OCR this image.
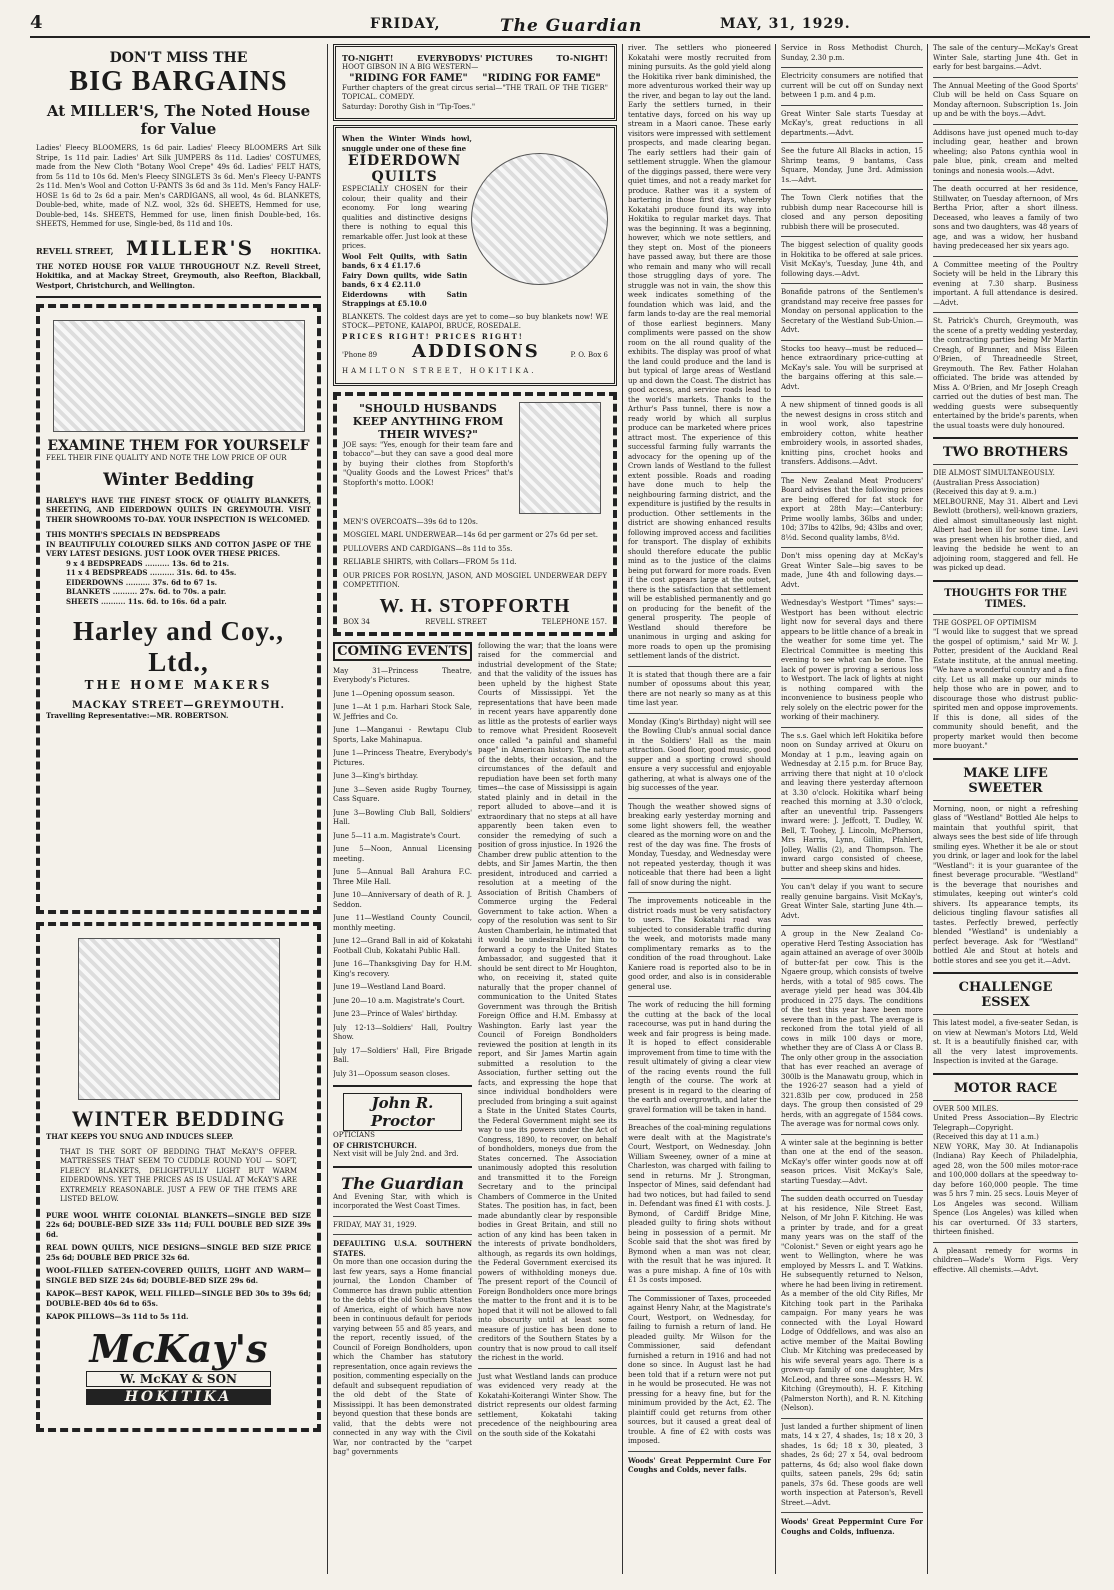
4	FRIDAY,	The Guardian	MAY, 31, 1929.
DON'T MISS THE
BIG BARGAINS
At MILLER'S, The Noted House for Value
Ladies' Fleecy BLOOMERS, 1s 6d pair. Ladies' Fleecy BLOOMERS Art Silk Stripe, 1s 11d pair. Ladies' Art Silk JUMPERS 8s 11d. Ladies' COSTUMES, made from the New Cloth "Botany Wool Crepe" 49s 6d. Ladies' FELT HATS, from 5s 11d to 10s 6d. Men's Fleecy SINGLETS 3s 6d. Men's Fleecy U-PANTS 2s 11d. Men's Wool and Cotton U-PANTS 3s 6d and 3s 11d. Men's Fancy HALF-HOSE 1s 6d to 2s 6d a pair. Men's CARDIGANS, all wool, 4s 6d. BLANKETS, Double-bed, white, made of N.Z. wool, 32s 6d. SHEETS, Hemmed for use, Double-bed, 14s. SHEETS, Hemmed for use, linen finish Double-bed, 16s. SHEETS, Hemmed for use, Single-bed, 8s 11d and 10s.
REVELL STREET, MILLER'S HOKITIKA.
THE NOTED HOUSE FOR VALUE THROUGHOUT N.Z. Revell Street, Hokitika, and at Mackay Street, Greymouth, also Reefton, Blackball, Westport, Christchurch, and Wellington.
EXAMINE THEM FOR YOURSELF
FEEL THEIR FINE QUALITY AND NOTE THE LOW PRICE OF OUR
Winter Bedding
HARLEY'S HAVE THE FINEST STOCK OF QUALITY BLANKETS, SHEETING, AND EIDERDOWN QUILTS IN GREYMOUTH. VISIT THEIR SHOWROOMS TO-DAY. YOUR INSPECTION IS WELCOMED.
THIS MONTH'S SPECIALS IN BEDSPREADS
IN BEAUTIFULLY COLOURED SILKS AND COTTON JASPE OF THE VERY LATEST DESIGNS. JUST LOOK OVER THESE PRICES.
9 x 4 BEDSPREADS .......... 13s. 6d to 21s.
11 x 4 BEDSPREADS .......... 31s. 6d. to 45s.
EIDERDOWNS .......... 37s. 6d to 67 1s.
BLANKETS .......... 27s. 6d. to 70s. a pair.
SHEETS .......... 11s. 6d. to 16s. 6d a pair.
Harley and Coy., Ltd.,
THE HOME MAKERS
MACKAY STREET—GREYMOUTH.
Travelling Representative:—MR. ROBERTSON.
WINTER BEDDING
THAT KEEPS YOU SNUG AND INDUCES SLEEP.
THAT IS THE SORT OF BEDDING THAT McKAY'S OFFER. MATTRESSES THAT SEEM TO CUDDLE ROUND YOU — SOFT, FLEECY BLANKETS, DELIGHTFULLY LIGHT BUT WARM EIDERDOWNS. YET THE PRICES AS IS USUAL AT McKAY'S ARE EXTREMELY REASONABLE. JUST A FEW OF THE ITEMS ARE LISTED BELOW.

PURE WOOL WHITE COLONIAL BLANKETS—SINGLE BED SIZE 22s 6d; DOUBLE-BED SIZE 33s 11d; FULL DOUBLE BED SIZE 39s 6d.

REAL DOWN QUILTS, NICE DESIGNS—SINGLE BED SIZE PRICE 25s 6d; DOUBLE BED PRICE 32s 6d.

WOOL-FILLED SATEEN-COVERED QUILTS, LIGHT AND WARM—SINGLE BED SIZE 24s 6d; DOUBLE-BED SIZE 29s 6d.

KAPOK—BEST KAPOK, WELL FILLED—SINGLE BED 30s to 39s 6d; DOUBLE-BED 40s 6d to 65s.

KAPOK PILLOWS—3s 11d to 5s 11d.

McKay's
W. McKAY & SON
HOKITIKA
TO-NIGHT!	EVERYBODYS' PICTURES	TO-NIGHT!
HOOT GIBSON IN A BIG WESTERN—
"RIDING FOR FAME" "RIDING FOR FAME"
Further chapters of the great circus serial—"THE TRAIL OF THE TIGER" TOPICAL. COMEDY.
Saturday: Dorothy Gish in "Tip-Toes."
When the Winter Winds howl, snuggle under one of these fine
EIDERDOWN QUILTS
ESPECIALLY CHOSEN for their colour, their quality and their economy. For long wearing qualities and distinctive designs there is nothing to equal this remarkable offer. Just look at these prices.
Wool Felt Quilts, with Satin bands, 6 x 4 £1.17.6
Fairy Down quilts, wide Satin bands, 6 x 4 £2.11.0
Eiderdowns with Satin Strappings at £5.10.0
BLANKETS. The coldest days are yet to come—so buy blankets now! WE STOCK—PETONE, KAIAPOI, BRUCE, ROSEDALE.
PRICES RIGHT! PRICES RIGHT!
'Phone 89 ADDISONS	P. O. Box 6
HAMILTON STREET, HOKITIKA.
"SHOULD HUSBANDS KEEP ANYTHING FROM THEIR WIVES?"
JOE says: "Yes, enough for their team fare and tobacco"—but they can save a good deal more by buying their clothes from Stopforth's "Quality Goods and the Lowest Prices" that's Stopforth's motto. LOOK!

MEN'S OVERCOATS—39s 6d to 120s.

MOSGIEL MARL UNDERWEAR—14s 6d per garment or 27s 6d per set.

PULLOVERS AND CARDIGANS—8s 11d to 35s.

RELIABLE SHIRTS, with Collars—FROM 5s 11d.

OUR PRICES FOR ROSLYN, JASON, AND MOSGIEL UNDERWEAR DEFY COMPETITION.

W. H. STOPFORTH
BOX 34	REVELL STREET	TELEPHONE 157.
COMING EVENTS

May 31—Princess Theatre, Everybody's Pictures.

June 1—Opening opossum season.

June 1—At 1 p.m. Harhari Stock Sale, W. Jeffries and Co.

June 1—Manganui - Rewtapu Club Sports, Lake Mahinapua.

June 1—Princess Theatre, Everybody's Pictures.

June 3—King's birthday.

June 3—Seven aside Rugby Tourney, Cass Square.

June 3—Bowling Club Ball, Soldiers' Hall.

June 5—11 a.m. Magistrate's Court.

June 5—Noon, Annual Licensing meeting.

June 5—Annual Ball Arahura F.C. Three Mile Hall.

June 10—Anniversary of death of R. J. Seddon.

June 11—Westland County Council, monthly meeting.

June 12—Grand Ball in aid of Kokatahi Football Club, Kokatahi Public Hall.

June 16—Thanksgiving Day for H.M. King's recovery.

June 19—Westland Land Board.

June 20—10 a.m. Magistrate's Court.

June 23—Prince of Wales' birthday.

July 12-13—Soldiers' Hall, Poultry Show.

July 17—Soldiers' Hall, Fire Brigade Ball.

July 31—Opossum season closes.

John R. Proctor
OPTICIANS
OF CHRISTCHURCH.
Next visit will be July 2nd. and 3rd.
The Guardian
And Evening Star, with which is incorporated the West Coast Times.
FRIDAY, MAY 31, 1929.
DEFAULTING U.S.A. SOUTHERN STATES.
On more than one occasion during the last few years, says a Home financial journal, the London Chamber of Commerce has drawn public attention to the debts of the old Southern States of America, eight of which have now been in continuous default for periods varying between 55 and 85 years, and the report, recently issued, of the Council of Foreign Bondholders, upon which the Chamber has statutory representation, once again reviews the position, commenting especially on the default and subsequent repudiation of the old debt of the State of Mississippi. It has been demonstrated beyond question that these bonds are valid, that the debts were not connected in any way with the Civil War, nor contracted by the "carpet bag" governments
following the war; that the loans were raised for the commercial and industrial development of the State; and that the validity of the issues has been upheld by the highest State Courts of Mississippi. Yet the representations that have been made in recent years have apparently done as little as the protests of earlier ways to remove what President Roosevelt once called "a painful and shameful page" in American history. The nature of the debts, their occasion, and the circumstances of the default and repudiation have been set forth many times—the case of Mississippi is again stated plainly and in detail in the report alluded to above—and it is extraordinary that no steps at all have apparently been taken even to consider the remedying of such a position of gross injustice. In 1926 the Chamber drew public attention to the debts, and Sir James Martin, the then president, introduced and carried a resolution at a meeting of the Association of British Chambers of Commerce urging the Federal Government to take action. When a copy of the resolution was sent to Sir Austen Chamberlain, he intimated that it would be undesirable for him to forward a copy to the United States Ambassador, and suggested that it should be sent direct to Mr Houghton, who, on receiving it, stated quite naturally that the proper channel of communication to the United States Government was through the British Foreign Office and H.M. Embassy at Washington. Early last year the Council of Foreign Bondholders reviewed the position at length in its report, and Sir James Martin again submitted a resolution to the Association, further setting out the facts, and expressing the hope that since individual bondholders were precluded from bringing a suit against a State in the United States Courts, the Federal Government might see its way to use its powers under the Act of Congress, 1890, to recover, on behalf of bondholders, moneys due from the States concerned. The Association unanimously adopted this resolution and transmitted it to the Foreign Secretary and to the principal Chambers of Commerce in the United States. The position has, in fact, been made abundantly clear by responsible bodies in Great Britain, and still no action of any kind has been taken in the interests of private bondholders, although, as regards its own holdings, the Federal Government exercised its powers of withholding moneys due. The present report of the Council of Foreign Bondholders once more brings the matter to the front and it is to be hoped that it will not be allowed to fall into obscurity until at least some measure of justice has been done to creditors of the Southern States by a country that is now proud to call itself the richest in the world.
Just what Westland lands can produce was evidenced very ready at the Kokatahi-Koiterangi Winter Show. The district represents our oldest farming settlement, Kokatahi taking precedence of the neighbouring area on the south side of the Kokatahi
river. The settlers who pioneered Kokatahi were mostly recruited from mining pursuits. As the gold yield along the Hokitika river bank diminished, the more adventurous worked their way up the river, and began to lay out the land. Early the settlers turned, in their tentative days, forced on his way up stream in a Maori canoe. These early visitors were impressed with settlement prospects, and made clearing began. The early settlers had their gain of settlement struggle. When the glamour of the diggings passed, there were very quiet times, and not a ready market for produce. Rather was it a system of bartering in those first days, whereby Kokatahi produce found its way into Hokitika to regular market days. That was the beginning. It was a beginning, however, which we note settlers, and they stept on. Most of the pioneers have passed away, but there are those who remain and many who will recall those struggling days of yore. The struggle was not in vain, the show this week indicates something of the foundation which was laid, and the farm lands to-day are the real memorial of those earliest beginners. Many compliments were passed on the show room on the all round quality of the exhibits. The display was proof of what the land could produce and the land is but typical of large areas of Westland up and down the Coast. The district has good access, and service roads lead to the world's markets. Thanks to the Arthur's Pass tunnel, there is now a ready world by which all surplus produce can be marketed where prices attract most. The experience of this successful farming fully warrants the advocacy for the opening up of the Crown lands of Westland to the fullest extent possible. Roads and roading have done much to help the neighbouring farming district, and the expenditure is justified by the results in production. Other settlements in the district are showing enhanced results following improved access and facilities for transport. The display of exhibits should therefore educate the public mind as to the justice of the claims being put forward for more roads. Even if the cost appears large at the outset, there is the satisfaction that settlement will be established permanently and go on producing for the benefit of the general prosperity. The people of Westland should therefore be unanimous in urging and asking for more roads to open up the promising settlement lands of the district.
It is stated that though there are a fair number of opossums about this year, there are not nearly so many as at this time last year.
Monday (King's Birthday) night will see the Bowling Club's annual social dance in the Soldiers' Hall as the main attraction. Good floor, good music, good supper and a sporting crowd should ensure a very successful and enjoyable gathering, at what is always one of the big successes of the year.
Though the weather showed signs of breaking early yesterday morning and some light showers fell, the weather cleared as the morning wore on and the rest of the day was fine. The frosts of Monday, Tuesday, and Wednesday were not repeated yesterday, though it was noticeable that there had been a light fall of snow during the night.
The improvements noticeable in the district roads must be very satisfactory to users. The Kokatahi road was subjected to considerable traffic during the week, and motorists made many complimentary remarks as to the condition of the road throughout. Lake Kaniere road is reported also to be in good order, and also is in considerable general use.
The work of reducing the hill forming the cutting at the back of the local racecourse, was put in hand during the week and fair progress is being made. It is hoped to effect considerable improvement from time to time with the result ultimately of giving a clear view of the racing events round the full length of the course. The work at present is in regard to the clearing of the earth and overgrowth, and later the gravel formation will be taken in hand.
Breaches of the coal-mining regulations were dealt with at the Magistrate's Court, Westport, on Wednesday. John William Sweeney, owner of a mine at Charleston, was charged with failing to send in returns. Mr J. Strongman, Inspector of Mines, said defendant had had two notices, but had failed to send in. Defendant was fined £1 with costs. J. Bymond, of Cardiff Bridge Mine, pleaded guilty to firing shots without being in possession of a permit. Mr Scoble said that the shot was fired by Bymond when a man was not clear, with the result that he was injured. It was a pure mishap. A fine of 10s with £1 3s costs imposed.
The Commissioner of Taxes, proceeded against Henry Nahr, at the Magistrate's Court, Westport, on Wednesday, for failing to furnish a return of land. He pleaded guilty. Mr Wilson for the Commissioner, said defendant furnished a return in 1916 and had not done so since. In August last he had been told that if a return were not put in he would be prosecuted. He was not pressing for a heavy fine, but for the minimum provided by the Act, £2. The plaintiff could get returns from other sources, but it caused a great deal of trouble. A fine of £2 with costs was imposed.
Woods' Great Peppermint Cure For Coughs and Colds, never fails.
Service in Ross Methodist Church, Sunday, 2.30 p.m.
Electricity consumers are notified that current will be cut off on Sunday next between 1 p.m. and 4 p.m.
Great Winter Sale starts Tuesday at McKay's, great reductions in all departments.—Advt.
See the future All Blacks in action, 15 Shrimp teams, 9 bantams, Cass Square, Monday, June 3rd. Admission 1s.—Advt.
The Town Clerk notifies that the rubbish dump near Racecourse hill is closed and any person depositing rubbish there will be prosecuted.
The biggest selection of quality goods in Hokitika to be offered at sale prices. Visit McKay's, Tuesday, June 4th, and following days.—Advt.
Bonafide patrons of the Sentlemen's grandstand may receive free passes for Monday on personal application to the Secretary of the Westland Sub-Union.—Advt.
Stocks too heavy—must be reduced—hence extraordinary price-cutting at McKay's sale. You will be surprised at the bargains offering at this sale.—Advt.
A new shipment of tinned goods is all the newest designs in cross stitch and in wool work, also tapestrine embroidery cotton, white heather embroidery wools, in assorted shades, knitting pins, crochet hooks and transfers. Addisons.—Advt.
The New Zealand Meat Producers' Board advises that the following prices are being offered for fat stock for export at 28th May:—Canterbury: Prime woolly lambs, 36lbs and under, 10d; 37lbs to 42lbs, 9d; 43lbs and over, 8½d. Second quality lambs, 8½d.
Don't miss opening day at McKay's Great Winter Sale—big saves to be made, June 4th and following days.—Advt.
Wednesday's Westport "Times" says:—Westport has been without electric light now for several days and there appears to be little chance of a break in the weather for some time yet. The Electrical Committee is meeting this evening to see what can be done. The lack of power is proving a serious loss to Westport. The lack of lights at night is nothing compared with the inconvenience to business people who rely solely on the electric power for the working of their machinery.
The s.s. Gael which left Hokitika before noon on Sunday arrived at Okuru on Monday at 1 p.m., leaving again on Wednesday at 2.15 p.m. for Bruce Bay, arriving there that night at 10 o'clock and leaving there yesterday afternoon at 3.30 o'clock. Hokitika wharf being reached this morning at 3.30 o'clock, after an uneventful trip. Passengers inward were: J. Jeffcott, T. Dudley, W. Bell, T. Toohey, J. Lincoln, McPherson, Mrs Harris, Lynn, Gillin, Pfahlert, Jolley, Wallis (2), and Thompson. The inward cargo consisted of cheese, butter and sheep skins and hides.
You can't delay if you want to secure really genuine bargains. Visit McKay's, Great Winter Sale, starting June 4th.—Advt.
A group in the New Zealand Co-operative Herd Testing Association has again attained an average of over 300lb of butter-fat per cow. This is the Ngaere group, which consists of twelve herds, with a total of 985 cows. The average yield per head was 304.4lb produced in 275 days. The conditions of the test this year have been more severe than in the past. The average is reckoned from the total yield of all cows in milk 100 days or more, whether they are of Class A or Class B. The only other group in the association that has ever reached an average of 300lb is the Manawatu group, which in the 1926-27 season had a yield of 321.83lb per cow, produced in 258 days. The group then consisted of 29 herds, with an aggregate of 1584 cows. The average was for normal cows only.
A winter sale at the beginning is better than one at the end of the season. McKay's offer winter goods now at off season prices. Visit McKay's Sale, starting Tuesday.—Advt.
The sudden death occurred on Tuesday at his residence, Nile Street East, Nelson, of Mr John F. Kitching. He was a printer by trade, and for a great many years was on the staff of the "Colonist." Seven or eight years ago he went to Wellington, where he was employed by Messrs L. and T. Watkins. He subsequently returned to Nelson, where he had been living in retirement. As a member of the old City Rifles, Mr Kitching took part in the Parihaka campaign. For many years he was connected with the Loyal Howard Lodge of Oddfellows, and was also an active member of the Maitai Bowling Club. Mr Kitching was predeceased by his wife several years ago. There is a grown-up family of one daughter, Mrs McLeod, and three sons—Messrs H. W. Kitching (Greymouth), H. F. Kitching (Palmerston North), and R. N. Kitching (Nelson).
Just landed a further shipment of linen mats, 14 x 27, 4 shades, 1s; 18 x 20, 3 shades, 1s 6d; 18 x 30, pleated, 3 shades, 2s 6d; 27 x 54, oval bedroom patterns, 4s 6d; also wool flake down quilts, sateen panels, 29s 6d; satin panels, 37s 6d. These goods are well worth inspection at Paterson's, Revell Street.—Advt.
Woods' Great Peppermint Cure For Coughs and Colds, influenza.
The sale of the century—McKay's Great Winter Sale, starting June 4th. Get in early for best bargains.—Advt.
The Annual Meeting of the Good Sports' Club will be held on Cass Square on Monday afternoon. Subscription 1s. Join up and be with the boys.—Advt.
Addisons have just opened much to-day including gear, heather and brown wheeling; also Patons cynthia wool in pale blue, pink, cream and melted tonings and nonesia wools.—Advt.
The death occurred at her residence, Stillwater, on Tuesday afternoon, of Mrs Bertha Prior, after a short illness. Deceased, who leaves a family of two sons and two daughters, was 48 years of age, and was a widow, her husband having predeceased her six years ago.
A Committee meeting of the Poultry Society will be held in the Library this evening at 7.30 sharp. Business important. A full attendance is desired.—Advt.
St. Patrick's Church, Greymouth, was the scene of a pretty wedding yesterday, the contracting parties being Mr Martin Creagh, of Brunner, and Miss Eileen O'Brien, of Threadneedle Street, Greymouth. The Rev. Father Holahan officiated. The bride was attended by Miss A. O'Brien, and Mr Joseph Creagh carried out the duties of best man. The wedding guests were subsequently entertained by the bride's parents, when the usual toasts were duly honoured.
TWO BROTHERS
DIE ALMOST SIMULTANEOUSLY.
(Australian Press Association)
(Received this day at 9. a.m.)
MELBOURNE, May 31. Albert and Levi Bewlott (brothers), well-known graziers, died almost simultaneously last night. Albert had been ill for some time. Levi was present when his brother died, and leaving the bedside he went to an adjoining room, staggered and fell. He was picked up dead.
THOUGHTS FOR THE TIMES.
THE GOSPEL OF OPTIMISM
"I would like to suggest that we spread the gospel of optimism," said Mr W. J. Potter, president of the Auckland Real Estate institute, at the annual meeting. "We have a wonderful country and a fine city. Let us all make up our minds to help those who are in power, and to discourage those who distrust public-spirited men and oppose improvements. If this is done, all sides of the community should benefit, and the property market would then become more buoyant."
MAKE LIFE SWEETER
Morning, noon, or night a refreshing glass of "Westland" Bottled Ale helps to maintain that youthful spirit, that always sees the best side of life through smiling eyes. Whether it be ale or stout you drink, or lager and look for the label "Westland": it is your guarantee of the finest beverage procurable. "Westland" is the beverage that nourishes and stimulates, keeping out winter's cold shivers. Its appearance tempts, its delicious tingling flavour satisfies all tastes. Perfectly brewed, perfectly blended "Westland" is undeniably a perfect beverage. Ask for "Westland" bottled Ale and Stout at hotels and bottle stores and see you get it.—Advt.
CHALLENGE ESSEX
This latest model, a five-seater Sedan, is on view at Newman's Motors Ltd, Weld st. It is a beautifully finished car, with all the very latest improvements. Inspection is invited at the Garage.
MOTOR RACE
OVER 500 MILES.
United Press Association—By Electric Telegraph—Copyright.
(Received this day at 11 a.m.)
NEW YORK, May 30. At Indianapolis (Indiana) Ray Keech of Philadelphia, aged 28, won the 500 miles motor-race and 100,000 dollars at the speedway to-day before 160,000 people. The time was 5 hrs 7 min. 25 secs. Louis Meyer of Los Angeles was second. William Spence (Los Angeles) was killed when his car overturned. Of 33 starters, thirteen finished.
A pleasant remedy for worms in children—Wade's Worm Figs. Very effective. All chemists.—Advt.
